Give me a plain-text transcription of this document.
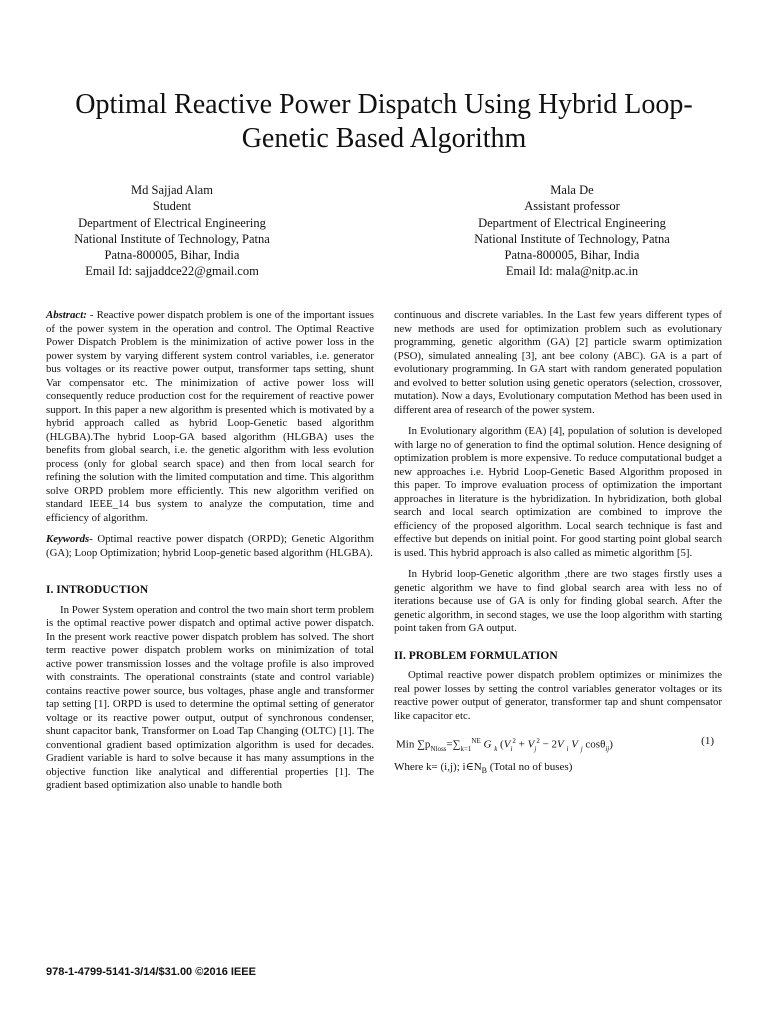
Optimal Reactive Power Dispatch Using Hybrid Loop-Genetic Based Algorithm
Md Sajjad Alam
Student
Department of Electrical Engineering
National Institute of Technology, Patna
Patna-800005, Bihar, India
Email Id: sajjaddce22@gmail.com
Mala De
Assistant professor
Department of Electrical Engineering
National Institute of Technology, Patna
Patna-800005, Bihar, India
Email Id: mala@nitp.ac.in

Abstract: - Reactive power dispatch problem is one of the important issues of the power system in the operation and control. The Optimal Reactive Power Dispatch Problem is the minimization of active power loss in the power system by varying different system control variables, i.e. generator bus voltages or its reactive power output, transformer taps setting, shunt Var compensator etc. The minimization of active power loss will consequently reduce production cost for the requirement of reactive power support. In this paper a new algorithm is presented which is motivated by a hybrid approach called as hybrid Loop-Genetic based algorithm (HLGBA).The hybrid Loop-GA based algorithm (HLGBA) uses the benefits from global search, i.e. the genetic algorithm with less evolution process (only for global search space) and then from local search for refining the solution with the limited computation and time. This algorithm solve ORPD problem more efficiently. This new algorithm verified on standard IEEE_14 bus system to analyze the computation, time and efficiency of algorithm.

Keywords- Optimal reactive power dispatch (ORPD); Genetic Algorithm (GA); Loop Optimization; hybrid Loop-genetic based algorithm (HLGBA).

I. INTRODUCTION

In Power System operation and control the two main short term problem is the optimal reactive power dispatch and optimal active power dispatch. In the present work reactive power dispatch problem has solved. The short term reactive power dispatch problem works on minimization of total active power transmission losses and the voltage profile is also improved with constraints. The operational constraints (state and control variable) contains reactive power source, bus voltages, phase angle and transformer tap setting [1]. ORPD is used to determine the optimal setting of generator voltage or its reactive power output, output of synchronous condenser, shunt capacitor bank, Transformer on Load Tap Changing (OLTC) [1]. The conventional gradient based optimization algorithm is used for decades. Gradient variable is hard to solve because it has many assumptions in the objective function like analytical and differential properties [1]. The gradient based optimization also unable to handle both

continuous and discrete variables. In the Last few years different types of new methods are used for optimization problem such as evolutionary programming, genetic algorithm (GA) [2] particle swarm optimization (PSO), simulated annealing [3], ant bee colony (ABC). GA is a part of evolutionary programming. In GA start with random generated population and evolved to better solution using genetic operators (selection, crossover, mutation). Now a days, Evolutionary computation Method has been used in different area of research of the power system.

In Evolutionary algorithm (EA) [4], population of solution is developed with large no of generation to find the optimal solution. Hence designing of optimization problem is more expensive. To reduce computational budget a new approaches i.e. Hybrid Loop-Genetic Based Algorithm proposed in this paper. To improve evaluation process of optimization the important approaches in literature is the hybridization. In hybridization, both global search and local search optimization are combined to improve the efficiency of the proposed algorithm. Local search technique is fast and effective but depends on initial point. For good starting point global search is used. This hybrid approach is also called as mimetic algorithm [5].

In Hybrid loop-Genetic algorithm ,there are two stages firstly uses a genetic algorithm we have to find global search area with less no of iterations because use of GA is only for finding global search. After the genetic algorithm, in second stages, we use the loop algorithm with starting point taken from GA output.

II. PROBLEM FORMULATION

Optimal reactive power dispatch problem optimizes or minimizes the real power losses by setting the control variables generator voltages or its reactive power output of generator, transformer tap and shunt compensator like capacitor etc.

Min $\sum p_{Nloss}=\sum_{k=1}^{NE}$ G $_k$ ($V_i^2 + V_j^2 - 2V$ $_i$ V $_j$ cosθ$_{ij}$)	(1)

Where k= (i,j); $i\in N_B$ (Total no of buses)

978-1-4799-5141-3/14/$31.00 ©2016 IEEE
